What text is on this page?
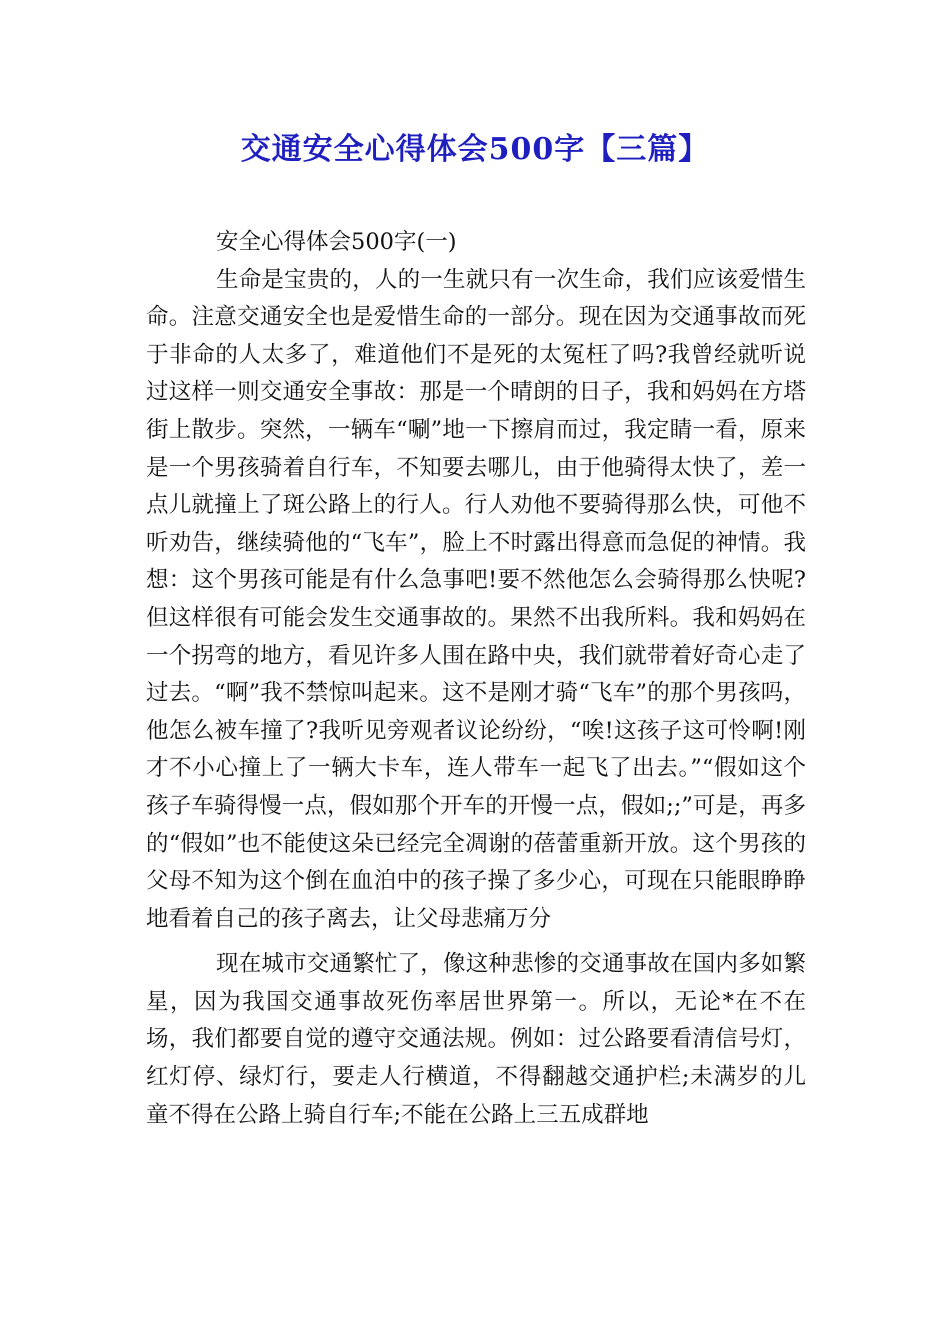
交通安全心得体会500字【三篇】

安全心得体会500字(一)

生命是宝贵的，人的一生就只有一次生命，我们应该爱惜生命。注意交通安全也是爱惜生命的一部分。现在因为交通事故而死于非命的人太多了，难道他们不是死的太冤枉了吗?我曾经就听说过这样一则交通安全事故：那是一个晴朗的日子，我和妈妈在方塔街上散步。突然，一辆车“唰”地一下擦肩而过，我定睛一看，原来是一个男孩骑着自行车，不知要去哪儿，由于他骑得太快了，差一点儿就撞上了斑公路上的行人。行人劝他不要骑得那么快，可他不听劝告，继续骑他的“飞车”，脸上不时露出得意而急促的神情。我想：这个男孩可能是有什么急事吧!要不然他怎么会骑得那么快呢?但这样很有可能会发生交通事故的。果然不出我所料。我和妈妈在一个拐弯的地方，看见许多人围在路中央，我们就带着好奇心走了过去。“啊”我不禁惊叫起来。这不是刚才骑“飞车”的那个男孩吗，他怎么被车撞了?我听见旁观者议论纷纷，“唉!这孩子这可怜啊!刚才不小心撞上了一辆大卡车，连人带车一起飞了出去。”“假如这个孩子车骑得慢一点，假如那个开车的开慢一点，假如;;”可是，再多的“假如”也不能使这朵已经完全凋谢的蓓蕾重新开放。这个男孩的父母不知为这个倒在血泊中的孩子操了多少心，可现在只能眼睁睁地看着自己的孩子离去，让父母悲痛万分

现在城市交通繁忙了，像这种悲惨的交通事故在国内多如繁星，因为我国交通事故死伤率居世界第一。所以，无论*在不在场，我们都要自觉的遵守交通法规。例如：过公路要看清信号灯，红灯停、绿灯行，要走人行横道，不得翻越交通护栏;未满岁的儿童不得在公路上骑自行车;不能在公路上三五成群地
